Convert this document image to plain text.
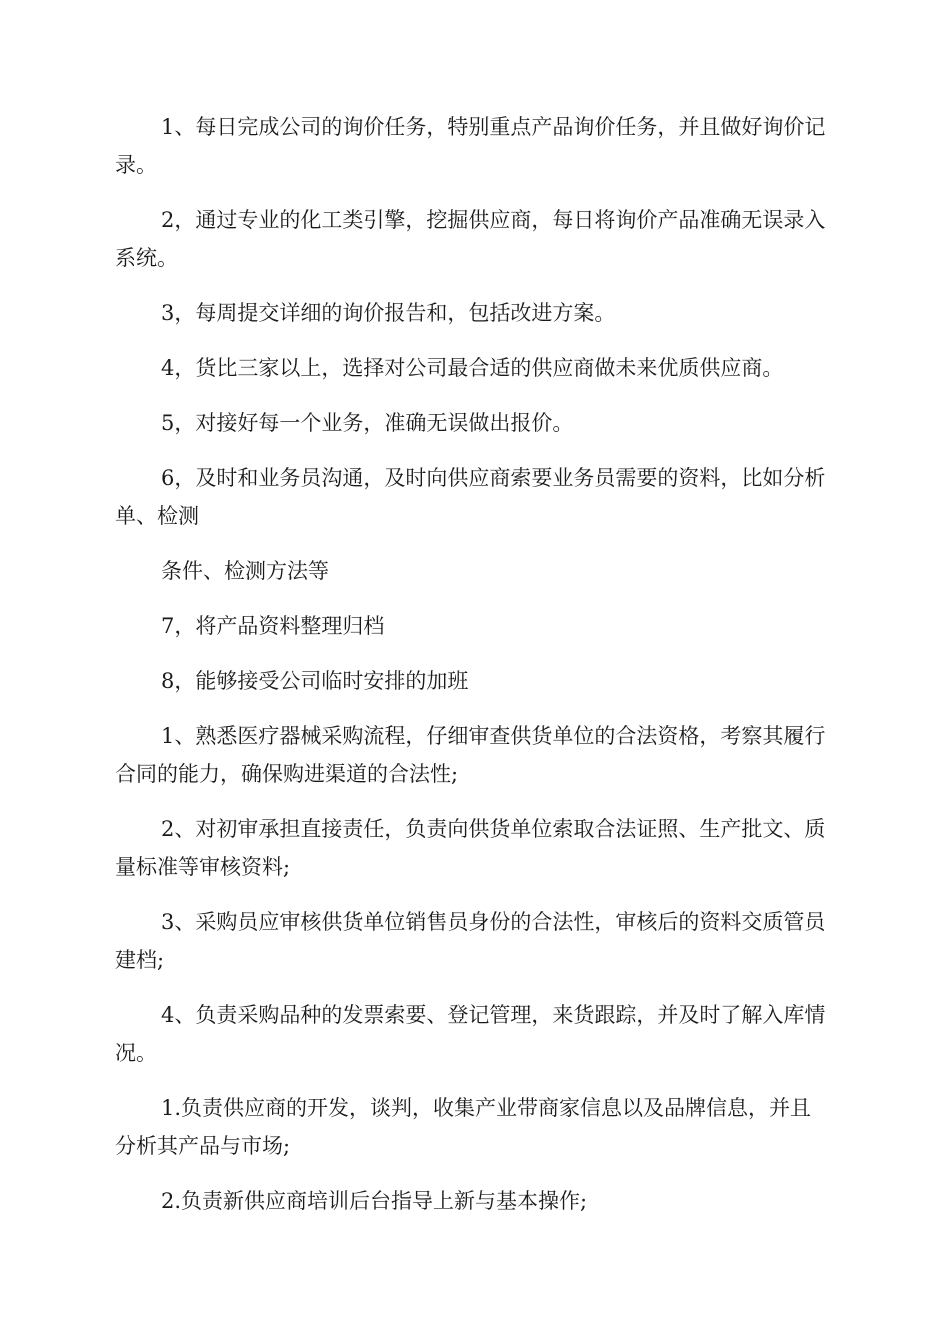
1、每日完成公司的询价任务，特别重点产品询价任务，并且做好询价记录。

2，通过专业的化工类引擎，挖掘供应商，每日将询价产品准确无误录入系统。

3，每周提交详细的询价报告和，包括改进方案。

4，货比三家以上，选择对公司最合适的供应商做未来优质供应商。

5，对接好每一个业务，准确无误做出报价。

6，及时和业务员沟通，及时向供应商索要业务员需要的资料，比如分析单、检测

条件、检测方法等

7，将产品资料整理归档

8，能够接受公司临时安排的加班

1、熟悉医疗器械采购流程，仔细审查供货单位的合法资格，考察其履行合同的能力，确保购进渠道的合法性;

2、对初审承担直接责任，负责向供货单位索取合法证照、生产批文、质量标准等审核资料;

3、采购员应审核供货单位销售员身份的合法性，审核后的资料交质管员建档;

4、负责采购品种的发票索要、登记管理，来货跟踪，并及时了解入库情况。

1.负责供应商的开发，谈判，收集产业带商家信息以及品牌信息，并且分析其产品与市场;

2.负责新供应商培训后台指导上新与基本操作;
